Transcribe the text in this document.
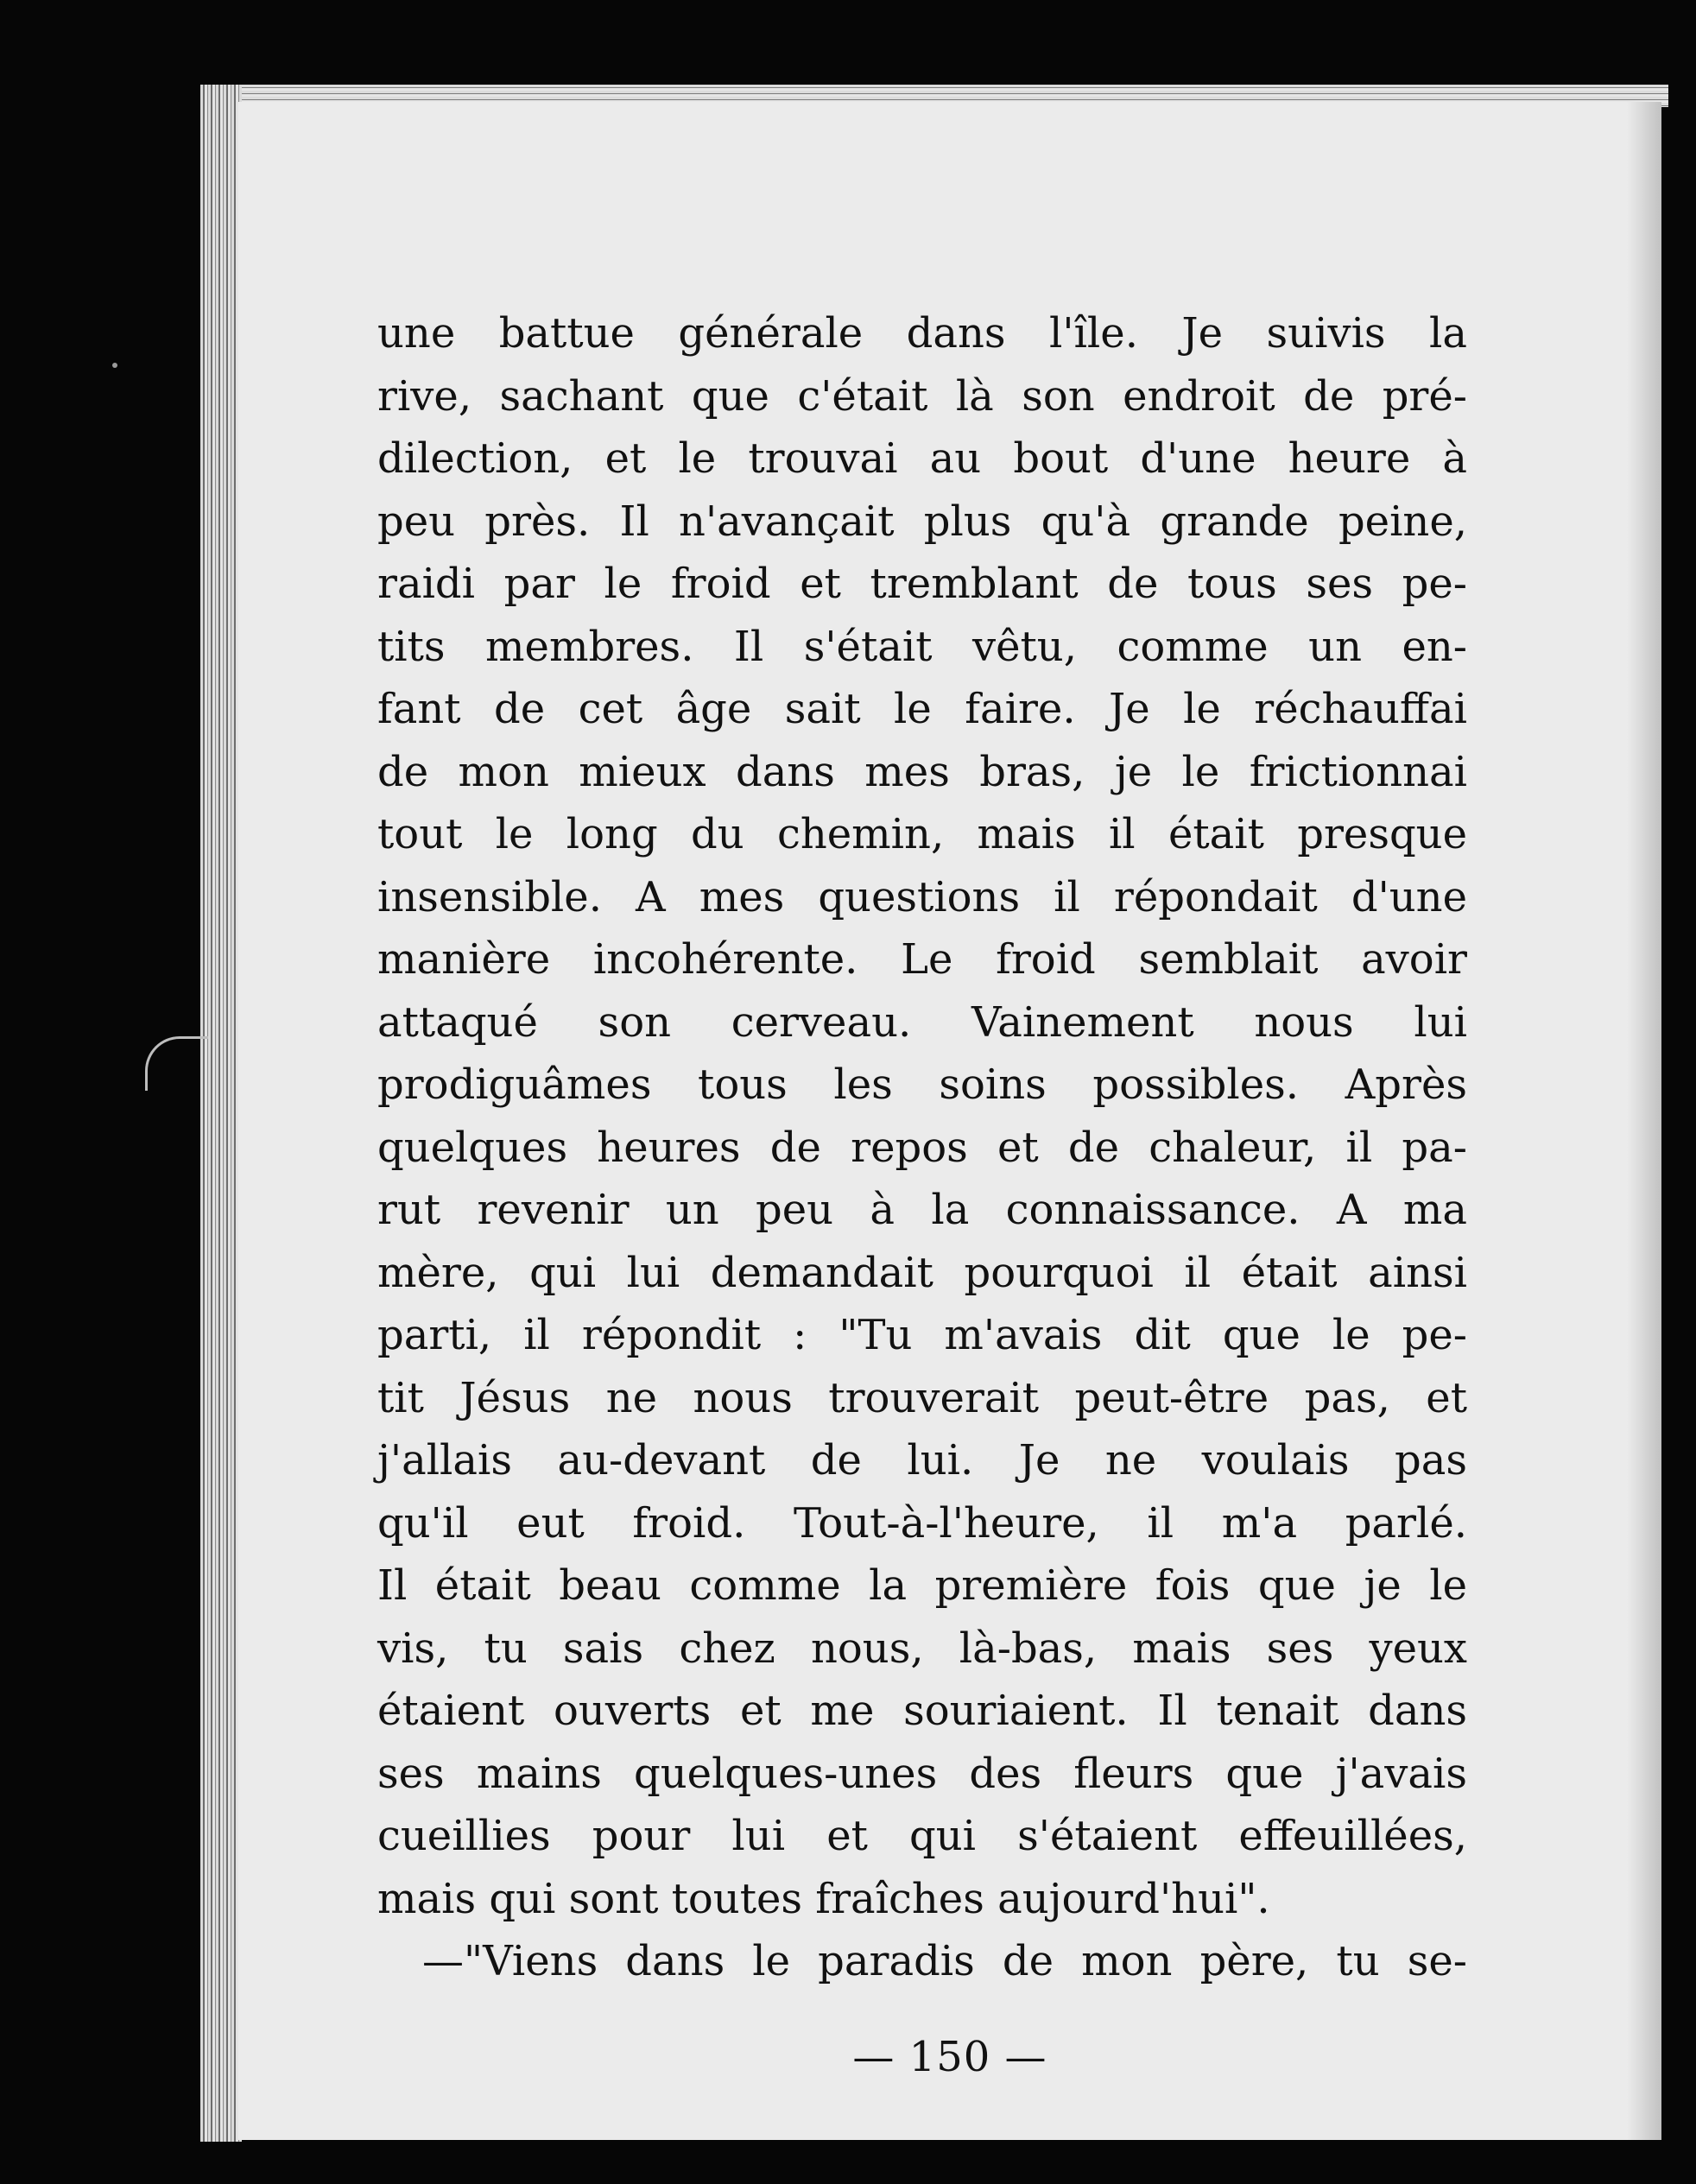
une battue générale dans l'île. Je suivis la
rive, sachant que c'était là son endroit de pré-
dilection, et le trouvai au bout d'une heure à
peu près. Il n'avançait plus qu'à grande peine,
raidi par le froid et tremblant de tous ses pe-
tits membres. Il s'était vêtu, comme un en-
fant de cet âge sait le faire. Je le réchauffai
de mon mieux dans mes bras, je le frictionnai
tout le long du chemin, mais il était presque
insensible. A mes questions il répondait d'une
manière incohérente. Le froid semblait avoir
attaqué son cerveau. Vainement nous lui
prodiguâmes tous les soins possibles. Après
quelques heures de repos et de chaleur, il pa-
rut revenir un peu à la connaissance. A ma
mère, qui lui demandait pourquoi il était ainsi
parti, il répondit : "Tu m'avais dit que le pe-
tit Jésus ne nous trouverait peut-être pas, et
j'allais au-devant de lui. Je ne voulais pas
qu'il eut froid. Tout-à-l'heure, il m'a parlé.
Il était beau comme la première fois que je le
vis, tu sais chez nous, là-bas, mais ses yeux
étaient ouverts et me souriaient. Il tenait dans
ses mains quelques-unes des fleurs que j'avais
cueillies pour lui et qui s'étaient effeuillées,
mais qui sont toutes fraîches aujourd'hui".
—"Viens dans le paradis de mon père, tu se-
— 150 —
